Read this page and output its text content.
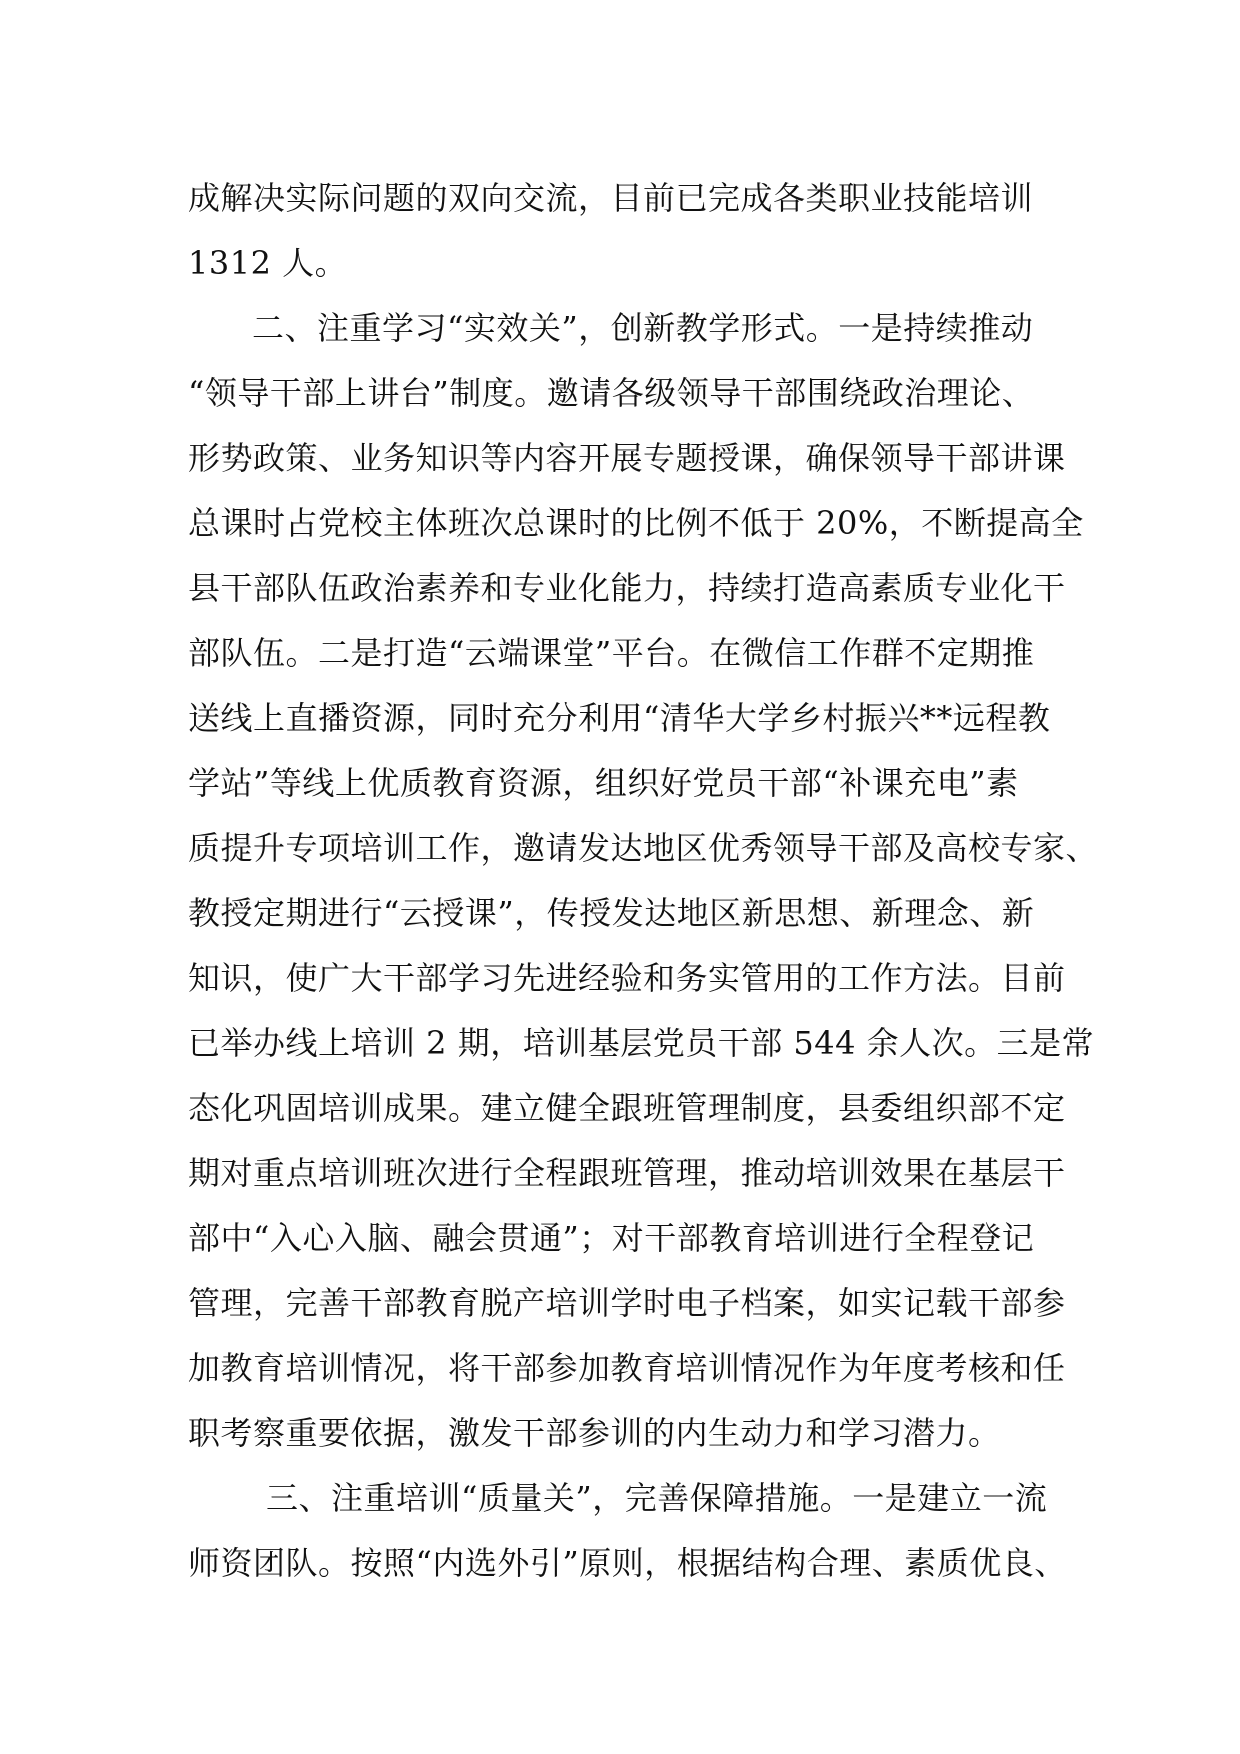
成解决实际问题的双向交流，目前已完成各类职业技能培训
1312 人。
二、注重学习“实效关”，创新教学形式。一是持续推动
“领导干部上讲台”制度。邀请各级领导干部围绕政治理论、
形势政策、业务知识等内容开展专题授课，确保领导干部讲课
总课时占党校主体班次总课时的比例不低于 20%，不断提高全
县干部队伍政治素养和专业化能力，持续打造高素质专业化干
部队伍。二是打造“云端课堂”平台。在微信工作群不定期推
送线上直播资源，同时充分利用“清华大学乡村振兴**远程教
学站”等线上优质教育资源，组织好党员干部“补课充电”素
质提升专项培训工作，邀请发达地区优秀领导干部及高校专家、
教授定期进行“云授课”，传授发达地区新思想、新理念、新
知识，使广大干部学习先进经验和务实管用的工作方法。目前
已举办线上培训 2 期，培训基层党员干部 544 余人次。三是常
态化巩固培训成果。建立健全跟班管理制度，县委组织部不定
期对重点培训班次进行全程跟班管理，推动培训效果在基层干
部中“入心入脑、融会贯通”；对干部教育培训进行全程登记
管理，完善干部教育脱产培训学时电子档案，如实记载干部参
加教育培训情况，将干部参加教育培训情况作为年度考核和任
职考察重要依据，激发干部参训的内生动力和学习潜力。
三、注重培训“质量关”，完善保障措施。一是建立一流
师资团队。按照“内选外引”原则，根据结构合理、素质优良、
